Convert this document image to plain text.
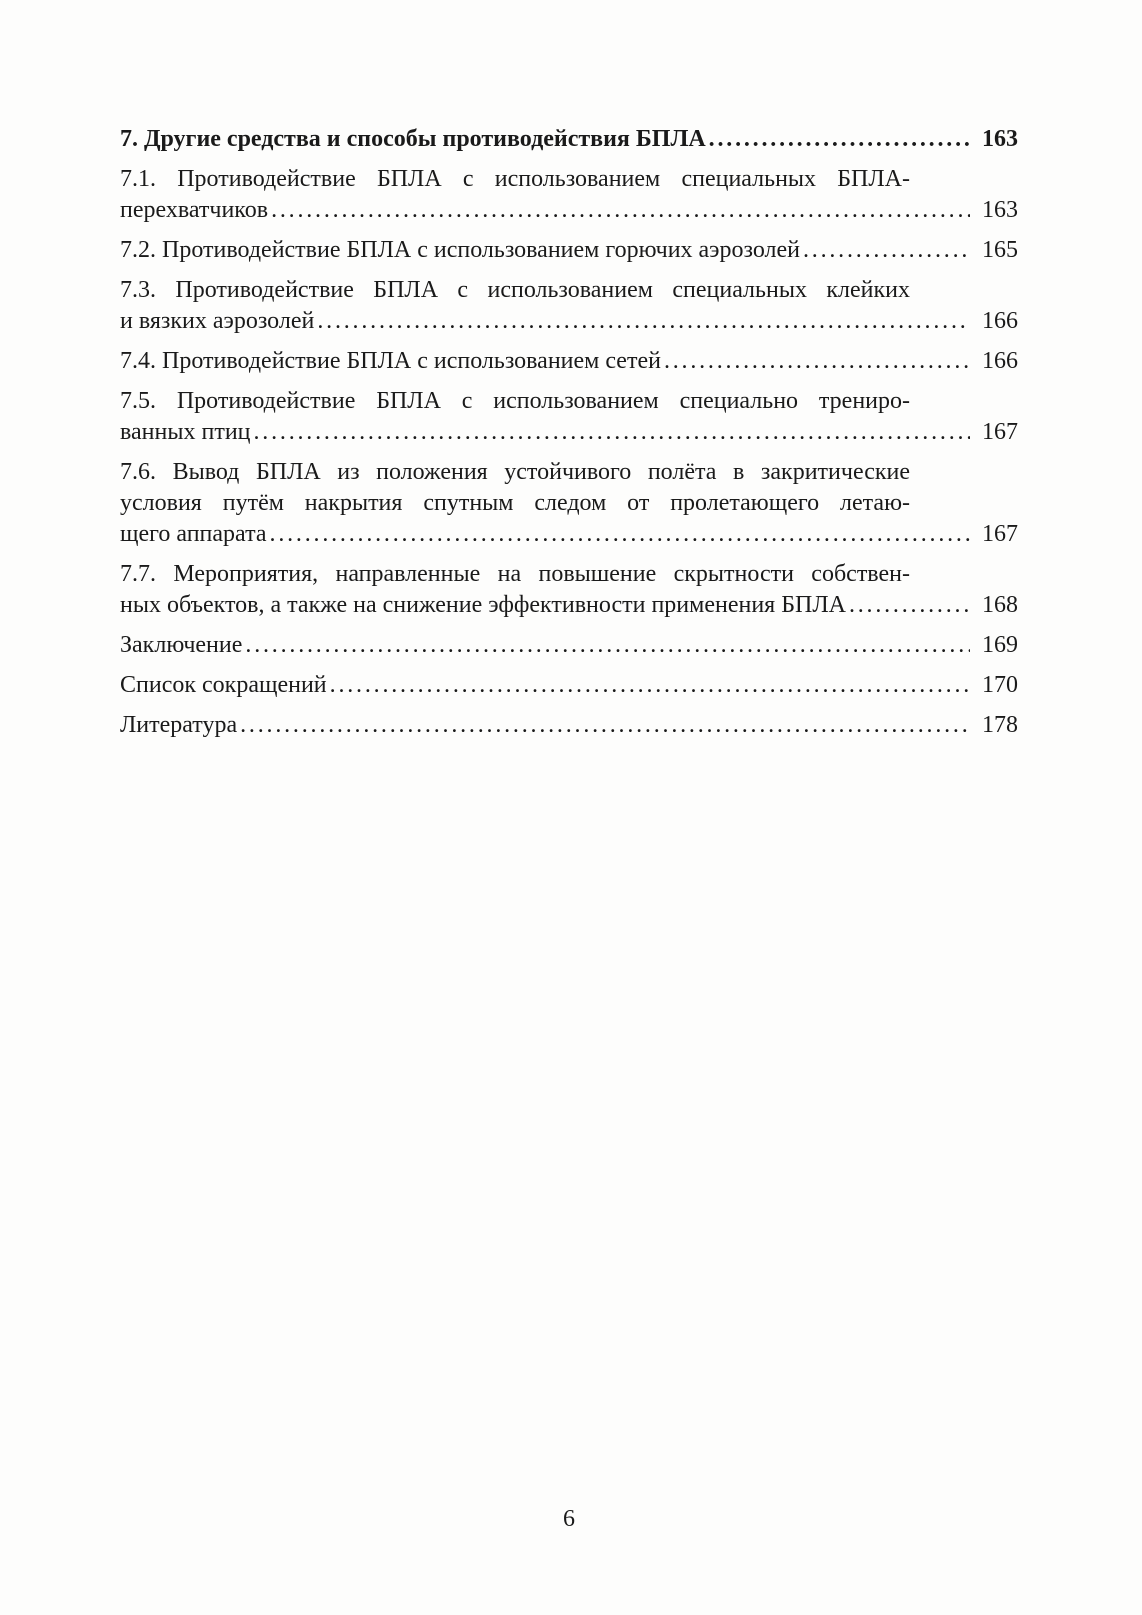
7. Другие средства и способы противодействия БПЛА .....	163
7.1. Противодействие БПЛА с использованием специальных БПЛА-
перехватчиков .....	163
7.2. Противодействие БПЛА с использованием горючих аэрозолей .....	165
7.3. Противодействие БПЛА с использованием специальных клейких
и вязких аэрозолей .....	166
7.4. Противодействие БПЛА с использованием сетей .....	166
7.5. Противодействие БПЛА с использованием специально трениро-
ванных птиц .....	167
7.6. Вывод БПЛА из положения устойчивого полёта в закритические
условия путём накрытия спутным следом от пролетающего летаю-
щего аппарата .....	167
7.7. Мероприятия, направленные на повышение скрытности собствен-
ных объектов, а также на снижение эффективности применения БПЛА .....	168
Заключение .....	169
Список сокращений .....	170
Литература .....	178
6
